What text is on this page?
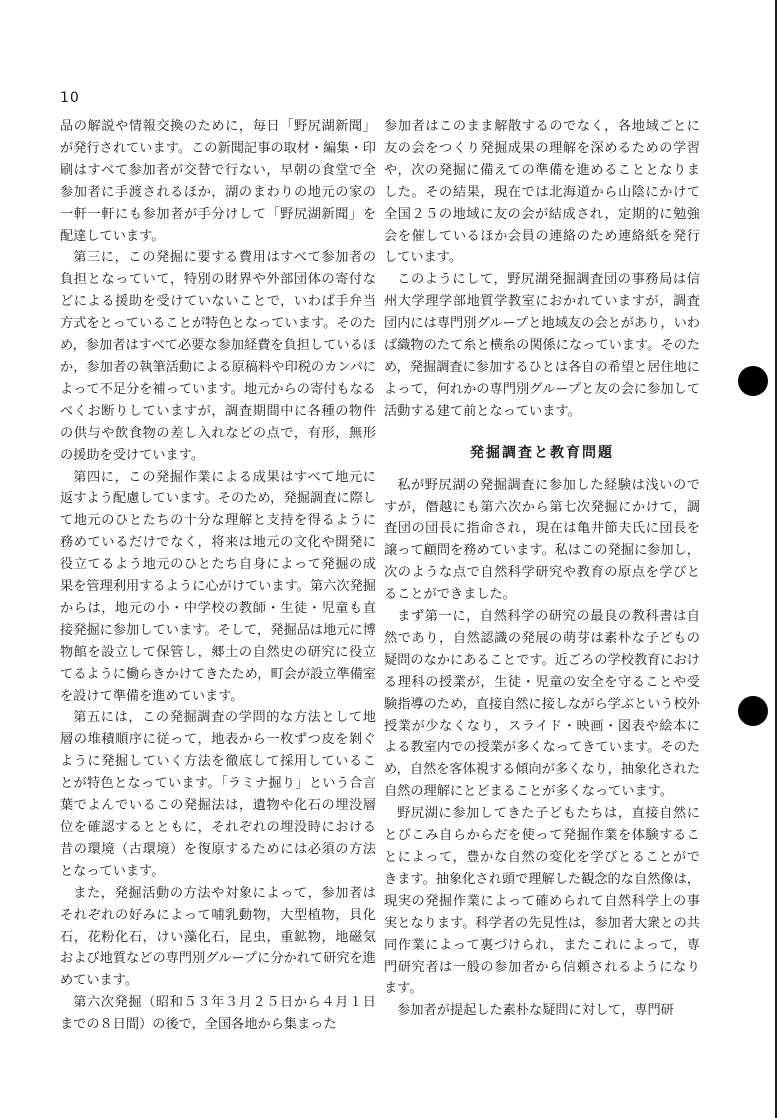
10

品の解説や情報交換のために，毎日「野尻湖新聞」が発行されています。この新聞記事の取材・編集・印刷はすべて参加者が交替で行ない，早朝の食堂で全参加者に手渡されるほか，湖のまわりの地元の家の一軒一軒にも参加者が手分けして「野尻湖新聞」を配達しています。

第三に，この発掘に要する費用はすべて参加者の負担となっていて，特別の財界や外部団体の寄付などによる援助を受けていないことで，いわば手弁当方式をとっていることが特色となっています。そのため，参加者はすべて必要な参加経費を負担しているほか，参加者の執筆活動による原稿料や印税のカンパによって不足分を補っています。地元からの寄付もなるべくお断りしていますが，調査期間中に各種の物件の供与や飲食物の差し入れなどの点で，有形，無形の援助を受けています。

第四に，この発掘作業による成果はすべて地元に返すよう配慮しています。そのため，発掘調査に際して地元のひとたちの十分な理解と支持を得るように務めているだけでなく，将来は地元の文化や開発に役立てるよう地元のひとたち自身によって発掘の成果を管理利用するように心がけています。第六次発掘からは，地元の小・中学校の教師・生徒・児童も直接発掘に参加しています。そして，発掘品は地元に博物館を設立して保管し，郷土の自然史の研究に役立てるように働らきかけてきたため，町会が設立準備室を設けて準備を進めています。

第五には，この発掘調査の学問的な方法として地層の堆積順序に従って，地表から一枚ずつ皮を剝ぐように発掘していく方法を徹底して採用していることが特色となっています。「ラミナ掘り」という合言葉でよんでいるこの発掘法は，遺物や化石の埋没層位を確認するとともに，それぞれの埋没時における昔の環境（古環境）を復原するためには必須の方法となっています。

また，発掘活動の方法や対象によって，参加者はそれぞれの好みによって哺乳動物，大型植物，貝化石，花粉化石，けい藻化石，昆虫，重鉱物，地磁気および地質などの専門別グループに分かれて研究を進めています。

第六次発掘（昭和５３年３月２５日から４月１日までの８日間）の後で，全国各地から集まった

参加者はこのまま解散するのでなく，各地域ごとに友の会をつくり発掘成果の理解を深めるための学習や，次の発掘に備えての準備を進めることとなりました。その結果，現在では北海道から山陰にかけて全国２５の地域に友の会が結成され，定期的に勉強会を催しているほか会員の連絡のため連絡紙を発行しています。

このようにして，野尻湖発掘調査団の事務局は信州大学理学部地質学教室におかれていますが，調査団内には専門別グループと地域友の会とがあり，いわば織物のたて糸と横糸の関係になっています。そのため，発掘調査に参加するひとは各自の希望と居住地によって，何れかの専門別グループと友の会に参加して活動する建て前となっています。

発掘調査と教育問題

私が野尻湖の発掘調査に参加した経験は浅いのですが，僭越にも第六次から第七次発掘にかけて，調査団の団長に指命され，現在は亀井節夫氏に団長を譲って顧問を務めています。私はこの発掘に参加し，次のような点で自然科学研究や教育の原点を学びとることができました。

まず第一に，自然科学の研究の最良の教科書は自然であり，自然認識の発展の萌芽は素朴な子どもの疑問のなかにあることです。近ごろの学校教育における理科の授業が，生徒・児童の安全を守ることや受験指導のため，直接自然に接しながら学ぶという校外授業が少なくなり，スライド・映画・図表や絵本による教室内での授業が多くなってきています。そのため，自然を客体視する傾向が多くなり，抽象化された自然の理解にとどまることが多くなっています。

野尻湖に参加してきた子どもたちは，直接自然にとびこみ自らからだを使って発掘作業を体験することによって，豊かな自然の変化を学びとることができます。抽象化され頭で理解した観念的な自然像は，現実の発掘作業によって確められて自然科学上の事実となります。科学者の先見性は，参加者大衆との共同作業によって裏づけられ，またこれによって，専門研究者は一般の参加者から信頼されるようになります。

参加者が提起した素朴な疑問に対して，専門研
